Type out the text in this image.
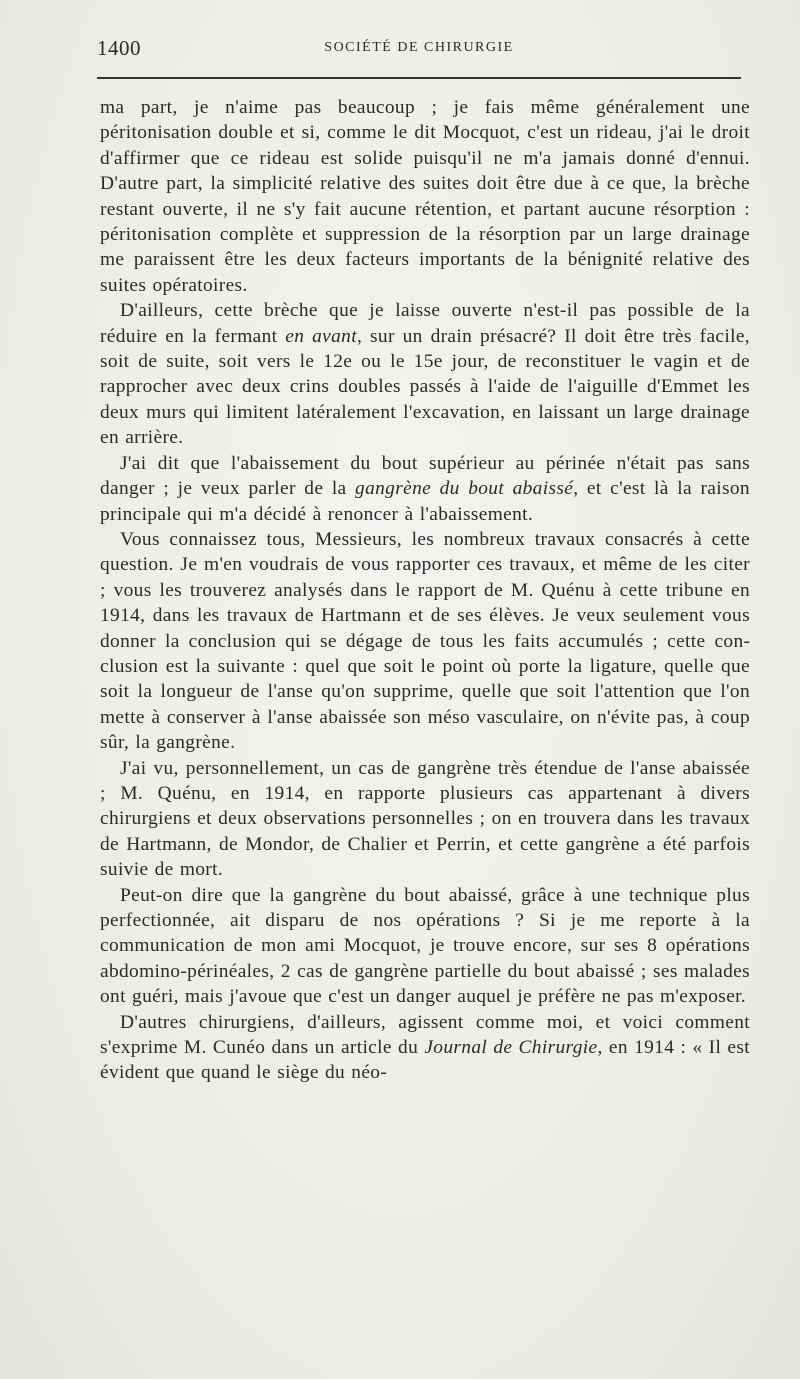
1400	SOCIÉTÉ DE CHIRURGIE

ma part, je n'aime pas beaucoup ; je fais même généralement une péritonisation double et si, comme le dit Mocquot, c'est un rideau, j'ai le droit d'affirmer que ce rideau est solide puisqu'il ne m'a jamais donné d'ennui. D'autre part, la simplicité relative des suites doit être due à ce que, la brèche restant ouverte, il ne s'y fait aucune rétention, et partant aucune résorption : péritonisation complète et suppression de la résorption par un large drainage me paraissent être les deux facteurs importants de la bénignité relative des suites opératoires.

D'ailleurs, cette brèche que je laisse ouverte n'est-il pas possible de la réduire en la fermant en avant, sur un drain présacré? Il doit être très facile, soit de suite, soit vers le 12e ou le 15e jour, de reconstituer le vagin et de rapprocher avec deux crins doubles passés à l'aide de l'aiguille d'Emmet les deux murs qui limitent latéralement l'excavation, en laissant un large drainage en arrière.

J'ai dit que l'abaissement du bout supérieur au périnée n'était pas sans danger ; je veux parler de la gangrène du bout abaissé, et c'est là la raison principale qui m'a décidé à renoncer à l'abaissement.

Vous connaissez tous, Messieurs, les nombreux travaux consacrés à cette question. Je m'en voudrais de vous rapporter ces travaux, et même de les citer ; vous les trouverez analysés dans le rapport de M. Quénu à cette tribune en 1914, dans les travaux de Hartmann et de ses élèves. Je veux seulement vous donner la conclusion qui se dégage de tous les faits accumulés ; cette conclusion est la suivante : quel que soit le point où porte la ligature, quelle que soit la longueur de l'anse qu'on supprime, quelle que soit l'attention que l'on mette à conserver à l'anse abaissée son méso vasculaire, on n'évite pas, à coup sûr, la gangrène.

J'ai vu, personnellement, un cas de gangrène très étendue de l'anse abaissée ; M. Quénu, en 1914, en rapporte plusieurs cas appartenant à divers chirurgiens et deux observations personnelles ; on en trouvera dans les travaux de Hartmann, de Mondor, de Chalier et Perrin, et cette gangrène a été parfois suivie de mort.

Peut-on dire que la gangrène du bout abaissé, grâce à une technique plus perfectionnée, ait disparu de nos opérations ? Si je me reporte à la communication de mon ami Mocquot, je trouve encore, sur ses 8 opérations abdomino-périnéales, 2 cas de gangrène partielle du bout abaissé ; ses malades ont guéri, mais j'avoue que c'est un danger auquel je préfère ne pas m'exposer.

D'autres chirurgiens, d'ailleurs, agissent comme moi, et voici comment s'exprime M. Cunéo dans un article du Journal de Chirurgie, en 1914 : « Il est évident que quand le siège du néo-
